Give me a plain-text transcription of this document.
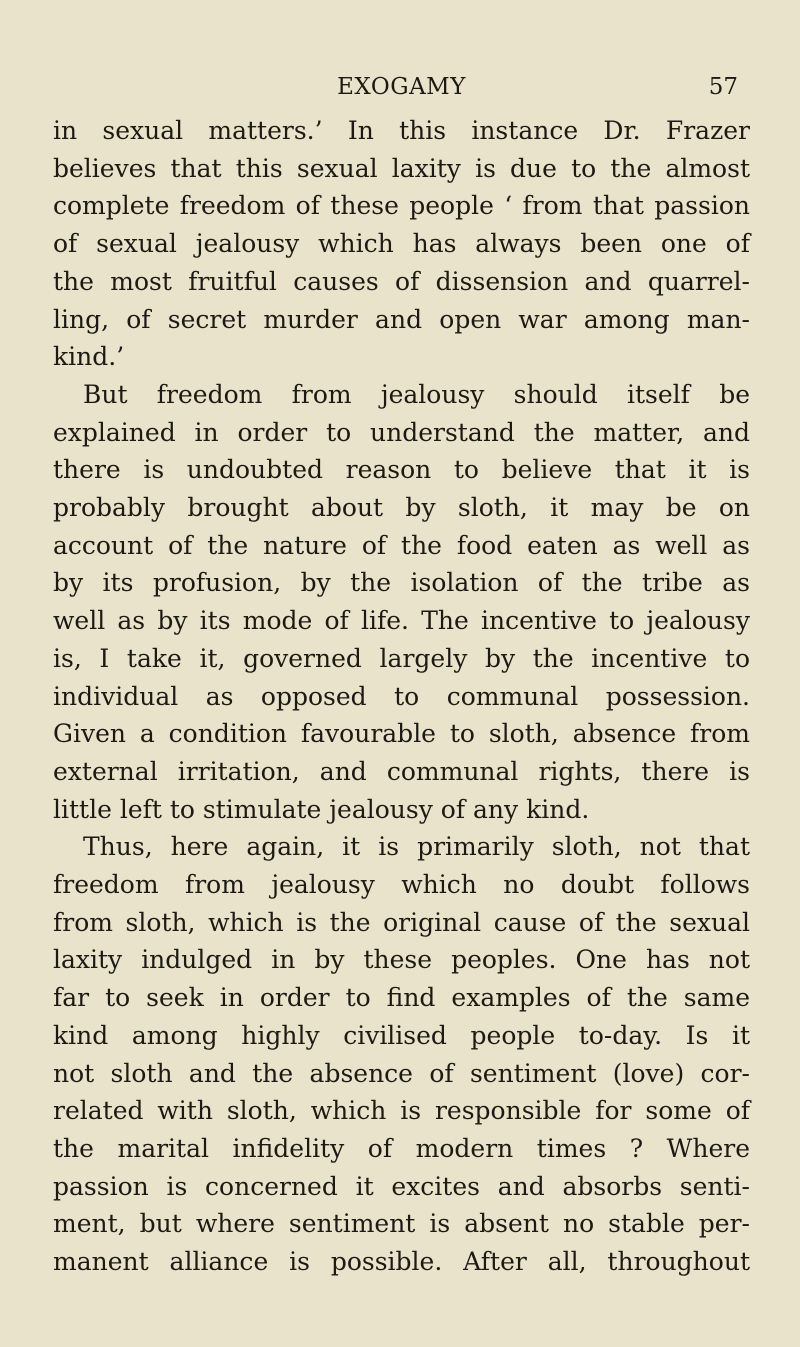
EXOGAMY	57
in sexual matters.’ In this instance Dr. Frazer
believes that this sexual laxity is due to the almost
complete freedom of these people ‘ from that passion
of sexual jealousy which has always been one of
the most fruitful causes of dissension and quarrel-
ling, of secret murder and open war among man-
kind.’
But freedom from jealousy should itself be
explained in order to understand the matter, and
there is undoubted reason to believe that it is
probably brought about by sloth, it may be on
account of the nature of the food eaten as well as
by its profusion, by the isolation of the tribe as
well as by its mode of life. The incentive to jealousy
is, I take it, governed largely by the incentive to
individual as opposed to communal possession.
Given a condition favourable to sloth, absence from
external irritation, and communal rights, there is
little left to stimulate jealousy of any kind.
Thus, here again, it is primarily sloth, not that
freedom from jealousy which no doubt follows
from sloth, which is the original cause of the sexual
laxity indulged in by these peoples. One has not
far to seek in order to find examples of the same
kind among highly civilised people to-day. Is it
not sloth and the absence of sentiment (love) cor-
related with sloth, which is responsible for some of
the marital infidelity of modern times ? Where
passion is concerned it excites and absorbs senti-
ment, but where sentiment is absent no stable per-
manent alliance is possible. After all, throughout
